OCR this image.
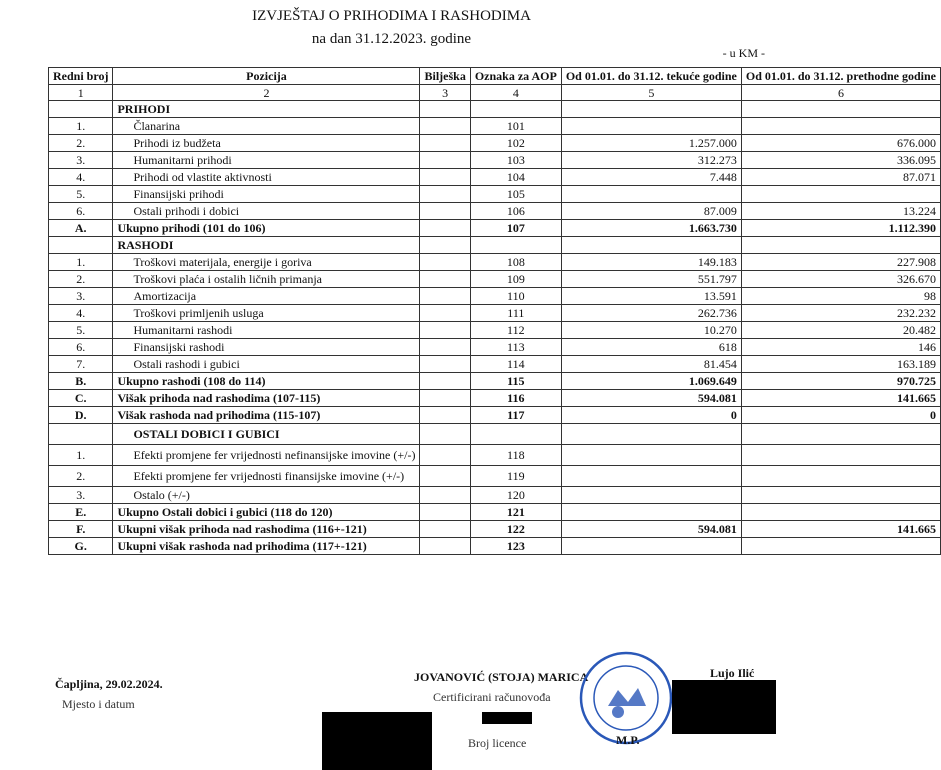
IZVJEŠTAJ O PRIHODIMA I RASHODIMA
na dan 31.12.2023. godine
- u KM -
Redni broj	Pozicija	Bilješka	Oznaka za AOP	Od 01.01. do 31.12. tekuće godine	Od 01.01. do 31.12. prethodne godine
1	2	3	4	5	6
	PRIHODI				
1.	Članarina		101		
2.	Prihodi iz budžeta		102	1.257.000	676.000
3.	Humanitarni prihodi		103	312.273	336.095
4.	Prihodi od vlastite aktivnosti		104	7.448	87.071
5.	Finansijski prihodi		105		
6.	Ostali prihodi i dobici		106	87.009	13.224
A.	Ukupno prihodi (101 do 106)		107	1.663.730	1.112.390
	RASHODI				
1.	Troškovi materijala, energije i goriva		108	149.183	227.908
2.	Troškovi plaća i ostalih ličnih primanja		109	551.797	326.670
3.	Amortizacija		110	13.591	98
4.	Troškovi primljenih usluga		111	262.736	232.232
5.	Humanitarni rashodi		112	10.270	20.482
6.	Finansijski rashodi		113	618	146
7.	Ostali rashodi i gubici		114	81.454	163.189
B.	Ukupno rashodi (108 do 114)		115	1.069.649	970.725
C.	Višak prihoda nad rashodima (107-115)		116	594.081	141.665
D.	Višak rashoda nad prihodima (115-107)		117	0	0
	OSTALI DOBICI I GUBICI				
1.	Efekti promjene fer vrijednosti nefinansijske imovine (+/-)		118		
2.	Efekti promjene fer vrijednosti finansijske imovine (+/-)		119		
3.	Ostalo (+/-)		120		
E.	Ukupno Ostali dobici i gubici (118 do 120)		121		
F.	Ukupni višak prihoda nad rashodima (116+-121)		122	594.081	141.665
G.	Ukupni višak rashoda nad prihodima (117+-121)		123		
Čapljina, 29.02.2024.
Mjesto i datum
JOVANOVIĆ (STOJA) MARICA
Certificirani računovođa
Broj licence
Lujo Ilić
M.P.
